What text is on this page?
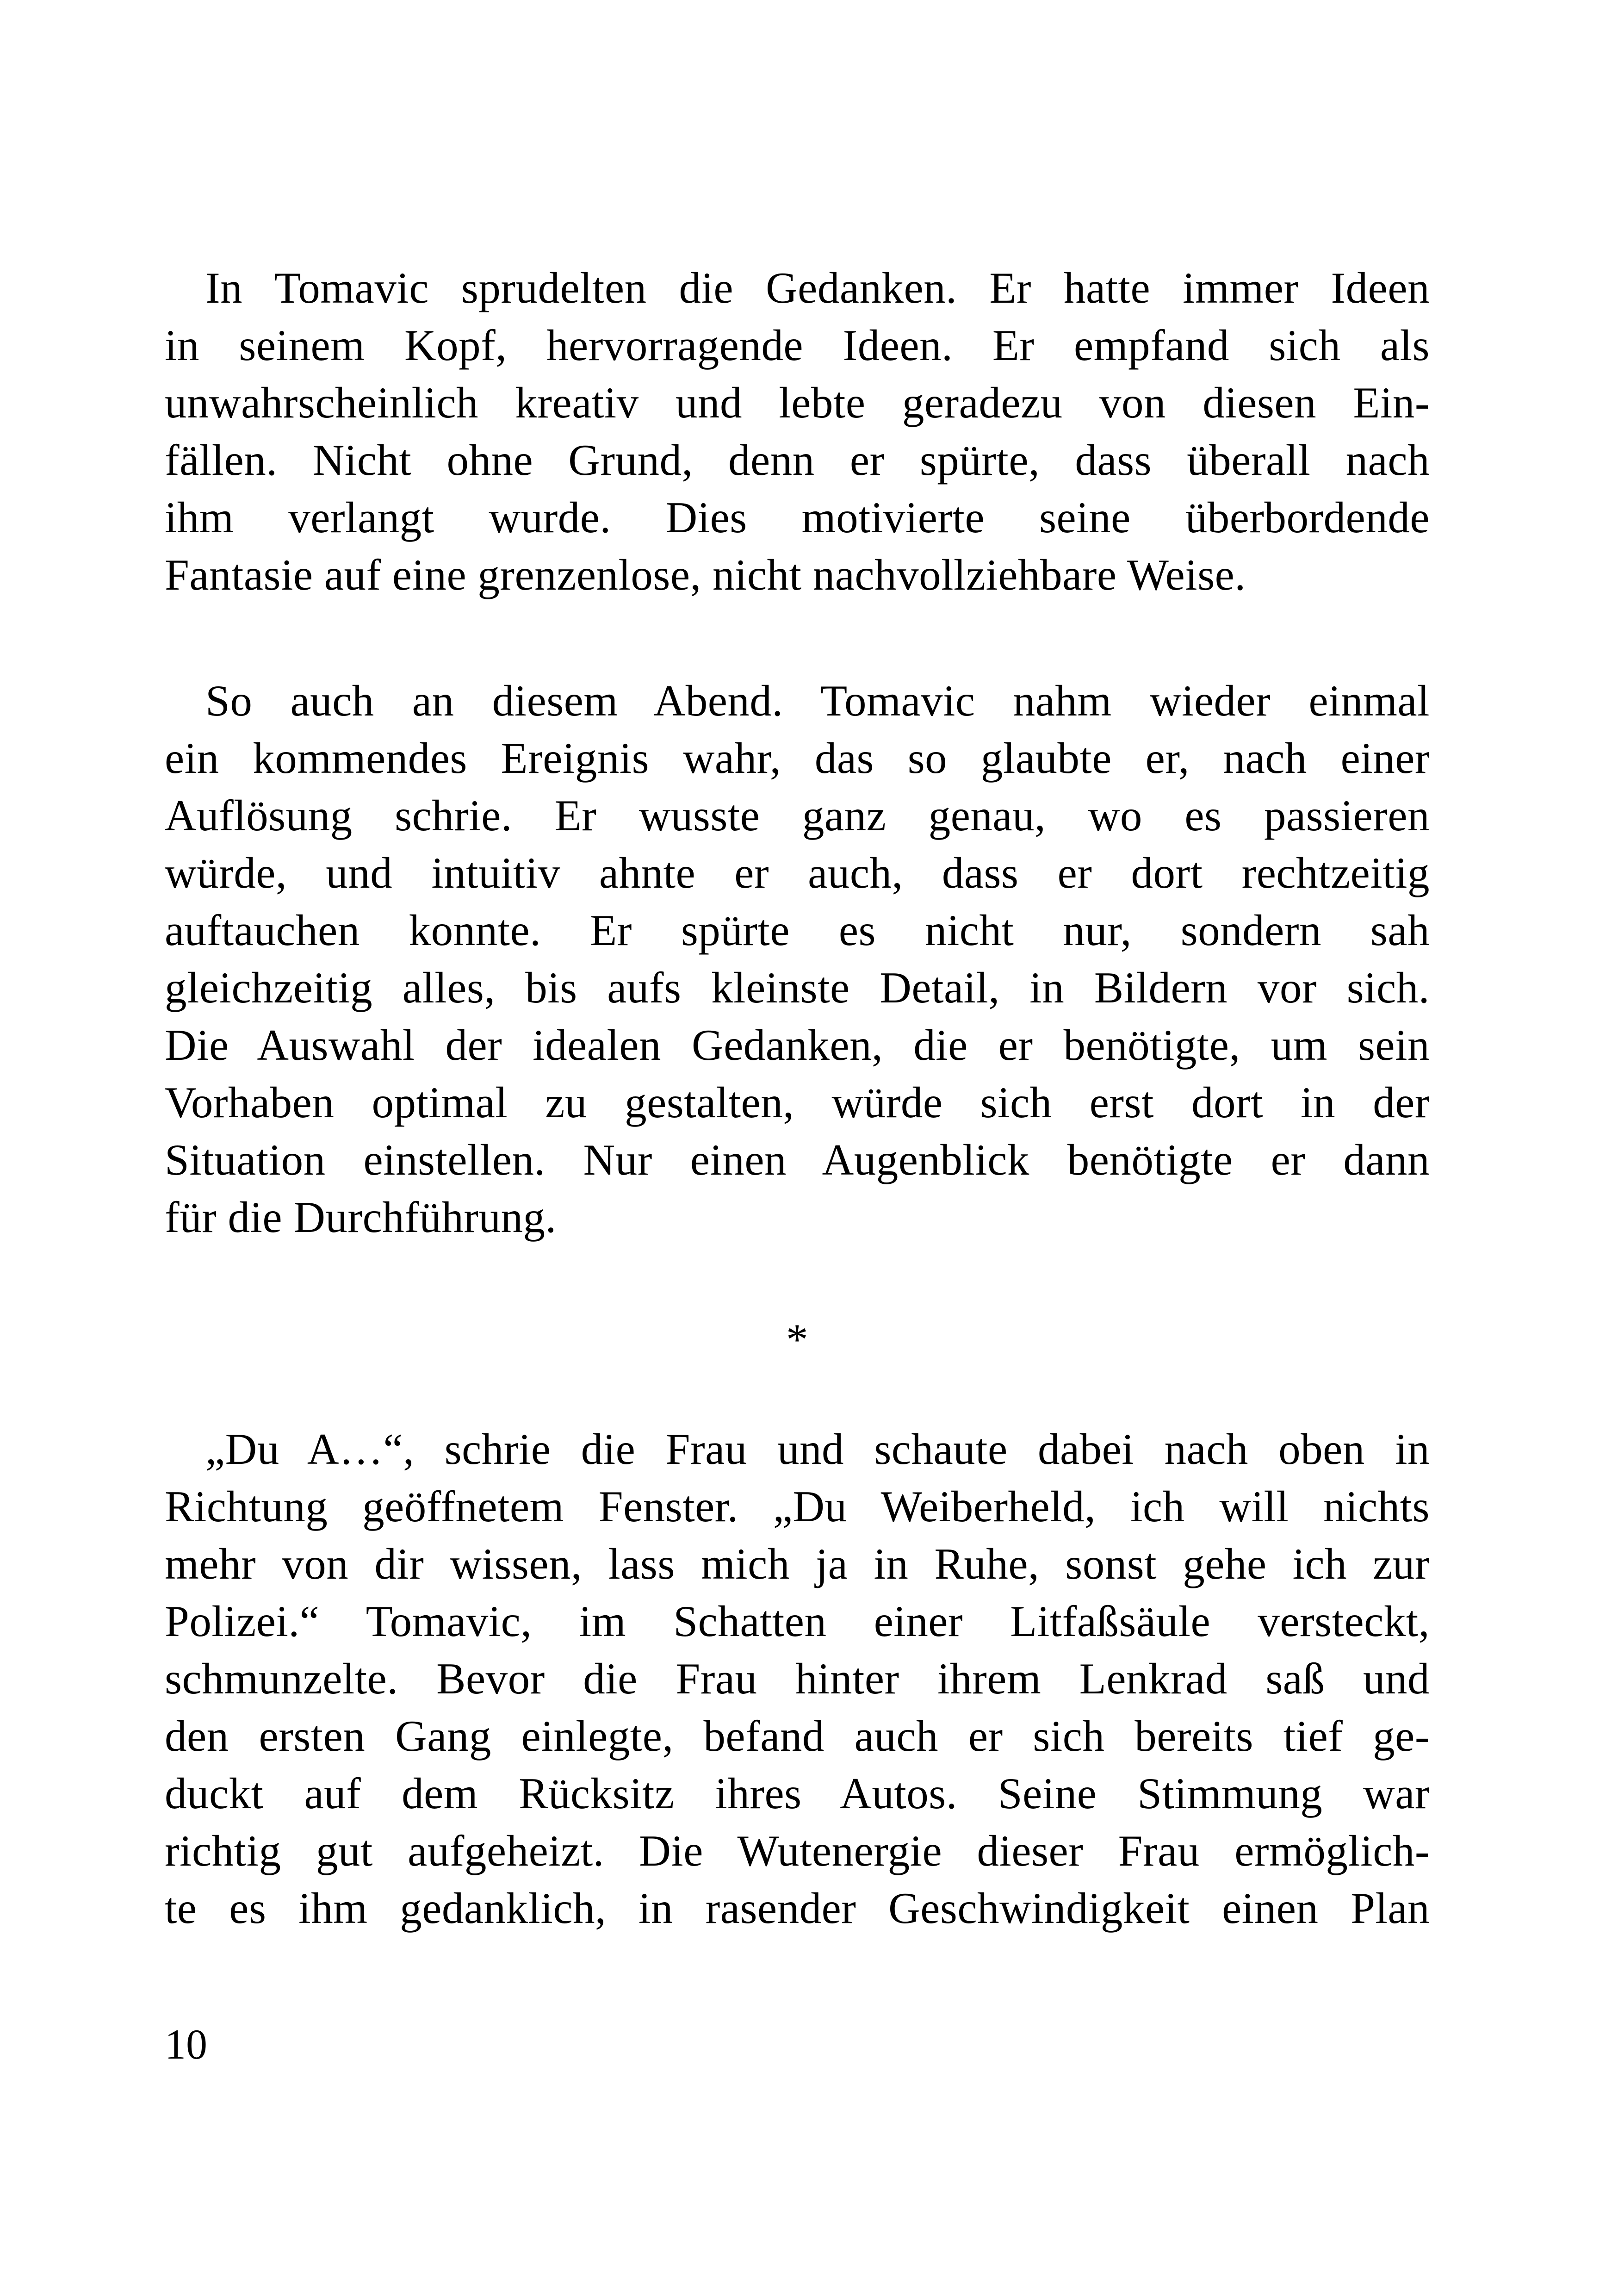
In Tomavic sprudelten die Gedanken. Er hatte immer Ideen
in seinem Kopf, hervorragende Ideen. Er empfand sich als
unwahrscheinlich kreativ und lebte geradezu von diesen Ein-
fällen. Nicht ohne Grund, denn er spürte, dass überall nach
ihm verlangt wurde. Dies motivierte seine überbordende
Fantasie auf eine grenzenlose, nicht nachvollziehbare Weise.
So auch an diesem Abend. Tomavic nahm wieder einmal
ein kommendes Ereignis wahr, das so glaubte er, nach einer
Auflösung schrie. Er wusste ganz genau, wo es passieren
würde, und intuitiv ahnte er auch, dass er dort rechtzeitig
auftauchen konnte. Er spürte es nicht nur, sondern sah
gleichzeitig alles, bis aufs kleinste Detail, in Bildern vor sich.
Die Auswahl der idealen Gedanken, die er benötigte, um sein
Vorhaben optimal zu gestalten, würde sich erst dort in der
Situation einstellen. Nur einen Augenblick benötigte er dann
für die Durchführung.
*
„Du A…“, schrie die Frau und schaute dabei nach oben in
Richtung geöffnetem Fenster. „Du Weiberheld, ich will nichts
mehr von dir wissen, lass mich ja in Ruhe, sonst gehe ich zur
Polizei.“ Tomavic, im Schatten einer Litfaßsäule versteckt,
schmunzelte. Bevor die Frau hinter ihrem Lenkrad saß und
den ersten Gang einlegte, befand auch er sich bereits tief ge-
duckt auf dem Rücksitz ihres Autos. Seine Stimmung war
richtig gut aufgeheizt. Die Wutenergie dieser Frau ermöglich-
te es ihm gedanklich, in rasender Geschwindigkeit einen Plan
10
